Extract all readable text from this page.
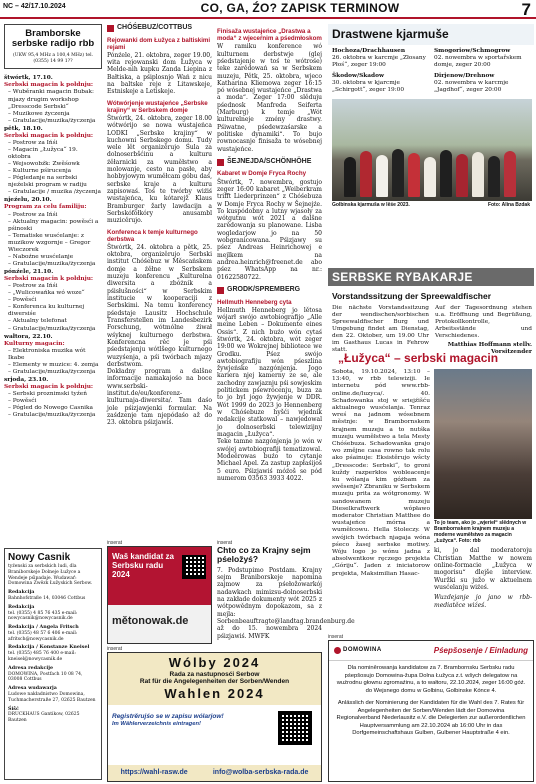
NC – 42/17.10.2024	CO, GA, ŹO? ZAPISK TERMINOW	7
Bramborske serbske radijo rbb
(UKW 95,4 MHz a 100,4 MHz) tel. (0355) 14 99 1??
štwórtk, 17.10.
Serbski magacin k połdnju:
– Wuběranki magacin Bubak: mjazy drugim workshop „Dresscode Serbski“
– Muzikowe życzenja
– Gratulacije/muzika/życzenja
pětk, 18.10.
Serbski magacin k połdnju:
– Postrow za Ińśi
– Magacin „Łužyca“ 19. oktobra
– Wejsowobźk: Zwěśowk
– Kulturne pśirucenja
– Pógledanje na serbski njeźelski program w radiju
– Gratulacije / muzika /życzenja
njeźelu, 20.10.
Program za celu familiju:
– Postrow za Ińśi
– Aktualny magacin: powěsći a pśinoski
– Tematiske wusćelanje: z muzikow wzgornje – Gregor Wieczorek
– Naboźne wusćelanje
– Gratulacije/muzika/życzenja
pónźele, 21.10.
Serbski magacin k połdnju:
– Postrow za Ińśi
– „Wulicowańka wó woze“
– Powěsći
– Konferenca ku kulturnej diwersiśe
– Aktualny telefonat
– Gratulacije/muzika/życzenja
wałtora, 22.10.
Kulturny magacin:
– Elektroniska muzika wót Ikabe
– Elementy w muzice: 4. zemja
– Gratulacije/muzika/życzenja
srjoda, 23.10.
Serbski magacin k połdnju:
– Serbski proznimski tyźeń
– Powěsći
– Pógled do Nowego Casnika
– Gratulacije/muzika/życzenja
Nowy Casnik
tyźenski za serbskich ludi, dla Braniborskeje Dolneje Łužyce a Wendeje pśipadaje. Wudawaŕ: Domowina Zwězk Łužyskich Serbow.
Redakcija
Bahnhofstraße 14, 03046 Cottbus
Redakcija
tel. (0355) 4 85 76 435 e-mail: nowycasnik@nowycasnik.de
Redakcija / Angela Fritsch
tel. (0355) 48 57 6 406 e-mail: afritsch@nowycasnik.de
Redakcija / Konstanze Kneisel
tel. (0355) 485 76 400 e-mail: kneisel@nowycasnik.de
Adresa redakcije
DOMOWINA, Postfach 10 08 74, 03008 Cottbus
Adresa wudawarja
Ludowe nakładnistwo Domowina, Tuchmacherstraße 27, 02625 Bautzen
Śišć
DRUCKHAUS Gantikow, 02625 Bautzen
CHÓŚEBUZ/COTTBUS
Rejowanki dom Łužyca z baltiskimi rejami
Pónźele, 21. oktobra, zeger 19.00, wita rejowanski dom Łužyca w Melde-nih kupku Zanda Liepina z Bałtiska, a pśiplosnjo Wań z nicu na baltske reje z Litawskeje, Estniskeje a Letiskeje.
Wótwórjenje wustajeńce „Serbske krajiny“ w Serbskem domje
Štwórtk, 24. oktobra, zeger 18.00 wótwórijo se nowa wustajeńca LODKI „Serbske krajiny“ w kuchowni Serbskego domu. Tudy wele lět organizěrujo Śula za dolnoserbšćinu a kulturu źěłarnicki za wuměłstwo a molowanje, cesto na pasłe, aby hobbyjowym wuměłcam góbu daś, serbske kraje a kulturu zapisowaś. Toś te twórby wiźiś wustajeńca, ku kótarejž Klaus Bramburger žarly lawdacijn a Serbskófółkóry anusambl muzicěrujo.
Konferenca k temje kulturnego derbstwa
Štwórtk, 24. oktobra a pětk, 25. oktobra, organizěrujo Serbski institut Chóśebuz w Měscańskem domje a źěłne w Serbskem muzeju konferencu „Kulturelna diwersita a zbóżnik a pśisłušności“ w Serbskim institucie w kooperaciji z Serbskimi. Na temu konferency pśedstaje Lausitz Hochschule Transferstellen im Landesbezirk Forschung, wótmólne źiwał wśyknej kulturnego derbstwa. Konferencna rěc je pśi pśedstajenju wótlšego kulturnego wuzyśenja, a pśi twórbach mjazy derbstwom.
Dokładny program a dalšne informacije namakajośo na boce www.serbski-institut.de/eu/konferenz-kulturnaja-diwersita/. Tam daśo jole pśizjawjenki formular. Na zaśdzenje tam njepódaśo až do 23. oktobra pśizjawiś.
Finisaža wustajeńce „Drastwa a moda“ z wjeceŕnim a pśedmłoskom
W ramiku konference wó kulturnem derbstwje (glej pśedstajenje w toś te wótrośe) teke zarědowań sa w Serbskem muzeju, Pětk, 25. oktobra, wjeco Katharina Kliemowa zeger 16:15 pó wósebnej wustajeńce „Drastwa a moda“. Zeger 17:00 slěduju pśednosk Manfreda Seiferta (Marburg) k temje „Wót kulturelneje zmény drastwy. Pśiwatne, pśedewzaśarske a politiske dynamiki“. To bujo rownocasnje finisaža te wósebnej wustajeńce.
ŠEJNEJDA/SCHÖNHÖHE
Kabaret w Domje Fryca Rochy
Štwórtk, 7. nowembra, gostujo zeger 16:00 kabaret „Weiberkram trifft Liederprinzen“ z Chóśebuza w Domje Fryca Rochy w Šejnejźe. To kuspódobny a lutny wjasoły za wótgutnu wót 2021 a dalšne zarědowanja su planowane. Lisba wogledarjow jo na 50 wobgranicowana. Pśizjawy su pśez Andreas Heinrichowej e mejlkem na andrea.heinrich@freenet.de abo pśez WhatsApp na nr.: 01622580722.
GRODK/SPREMBERG
Hellmuth Henneberg cyta
Hellmuth Henneberg jo lětosa wójarł swójo awtobiografijo „Alle meine Leben – Dokumente eines Ossis“. Z nich buźo wón cytaś štwórtk, 24. oktobra, wót zeger 19:00 we Wokrejnej bibliotece we Grodku. Pśez swójo awtobiografiju wón pśeszlina žywjeńske nazgónjenja. Jogo kariera njej kamerny ze se, ale zachodny zawjaznju pśi sowjeskim politickem pśewrócenju, buza za to jo byl jogo žywjenje w DDR. Wót 1999 do 2023 jo Hennenberg w Chóśebuze hyšći wjednik redakcije statkowal – nawjedowal jo dolnoserbski telewizijny magacin „Łužyca“.
Teke tamne nazgónjenja jo wón w swójej awtobiografiji tematizowal. Modeěrowas buźo to cytanje Michael Apel. Za zastup zapłaśijoš 5 euro. Pśizjawiś móźoš se pód numerom 03563 3933 4022.
Drastwene kjarmuše
Hochoza/Drachhausen
26. oktobra w karcmje „Złosany Płoś“, zeger 19:00
Škodow/Skadow
30. oktobra w kjarcmje „Schirgott“, zeger 19:00
Smogoriow/Schmogrow
02. nowembra w sportařskem domje, zeger 20:00
Dirjenow/Drehnow
02. nowembra w karcmje „Jagdhof“, zeger 20:00
Golbinska kjarmuša w lěśe 2023.	Foto: Alina Bzdak
SERBSKE RYBAKARJE
Vorstandssitzung der Spreewaldfischer
Die nächste Vorstandssitzung der wendischen/sorbischen Spreewaldfischer Burg und Umgebung findet am Dienstag, den 22. Oktober, um 19.00 Uhr im Gasthaus Lucas in Fehrow statt.
Auf der Tagesordnung stehen u.a. Eröffnung und Begrüßung, Protokollkontrolle, Arbeitsstände und Verschiedenes.
Matthias Hoffmann stellv. Vorsitzender
„Łužyca“ – serbski magacin
Sobota, 19.10.2024, 13:10 – 13:40, w rbb telewiziji. Ie internetu pód www.rbb-online.de/luzyca/. 40. Schadowanka stoj w sriejźišću aktualnego wusćelanja. Tenraz wreś na jadnom wósebnem městnje: w Brambornskem krajnem muzeju a to nutśka muzeju wuměłstwo a tela Mesty Chóśebuza. Schadowanka grajo wo změjne casa rowno tak rolu ako pśainuje: Eksistěrujo wšcty „Dresscode: Serbski“, to groni kuždy razperkłos wobleacenje ku wólanja kim góżbam za swěsenje? Zbraniku w Serbskem muzeju prita za wótgronomy. W sandowanem muzeju Dieselkraftwerk wópławo moderator Christian Matthee do wustajeńce mórna a wuměłcowu. Hella Stoleczy. W swójich twórbach njagaja wóna pśeco žasej serbske motiwy. Wóju logo jo wónu jadna z absolwentkow ręczego projekta „Góriju“. Jaden z iniciatorow projekta, Maksimilian Hasac-
To jo team, ako jo „wjerieł“ slědnych w Brambornskem krajnem muzeju a moderne wuměłstwo za magacin „Łužyca“. Foto: rbb
ki, jo dal moderatoroju Christian Matthe w nowem online-formacie „Łužyca w mogorisu“ dlejše interview. Wuržki su južo w aktuelnem wusćelanju wiźeś.
Wuzdejanje jo jano w rbb-mediatěce wiźeś.
inserat
Waš kandidat za Serbsku radu 2024
mětonowak.de
inserat
Chto co za Krajny sejm pśeložyś?
7. Podstupimo Postdam. Krajny sejm Braniborskeje napomina zajmow za pśełožowarkój nadawkach mimizsu-dolnoserbski na zakłade dokumenty wót 2025 z wótpowědnym dopokazom, sa z mejla: Sorbenbeauftragte@landtag.brandenburg.de až do 15. nowembra 2024 pśizjawiś. MWFK
inserat
Wólby 2024
Rada za nastupnosći Serbow
Rat für die Angelegenheiten der Sorben/Wenden
Wahlen 2024
Registrěrujśo se w zapisu wólarjow!
Im Wählerverzeichnis eintragen!
https://wahl-rasw.de	info@wolba-serbska-rada.de
inserat
DOMOWINA	Pśepšosenje / Einladung
Dla nominěrowanja kandidatow za 7. Brambornsku Serbsku radu pśepšosujo Domowina-župa Dolna Łužyca z.t. wšych delegatow na wuźrodnu głownu zgromaźinu, a to wałtoru, 22.10.2024, zeger 16:00 góź. do Wejsnego domu w Golbinu, Golbinske Kónce 4.
Anlässlich der Nominierung der Kandidaten für die Wahl des 7. Rates für Angelegenheiten der Sorben/Wenden lädt der Domowina Regionalverband Niederlausitz e.V. die Delegierten zur außerordentlichen Hauptversammlung am 22.10.2024 ab 16:00 Uhr in das Dorfgemeinschaftshaus Gulben, Gulbener Hauptstraße 4 ein.
